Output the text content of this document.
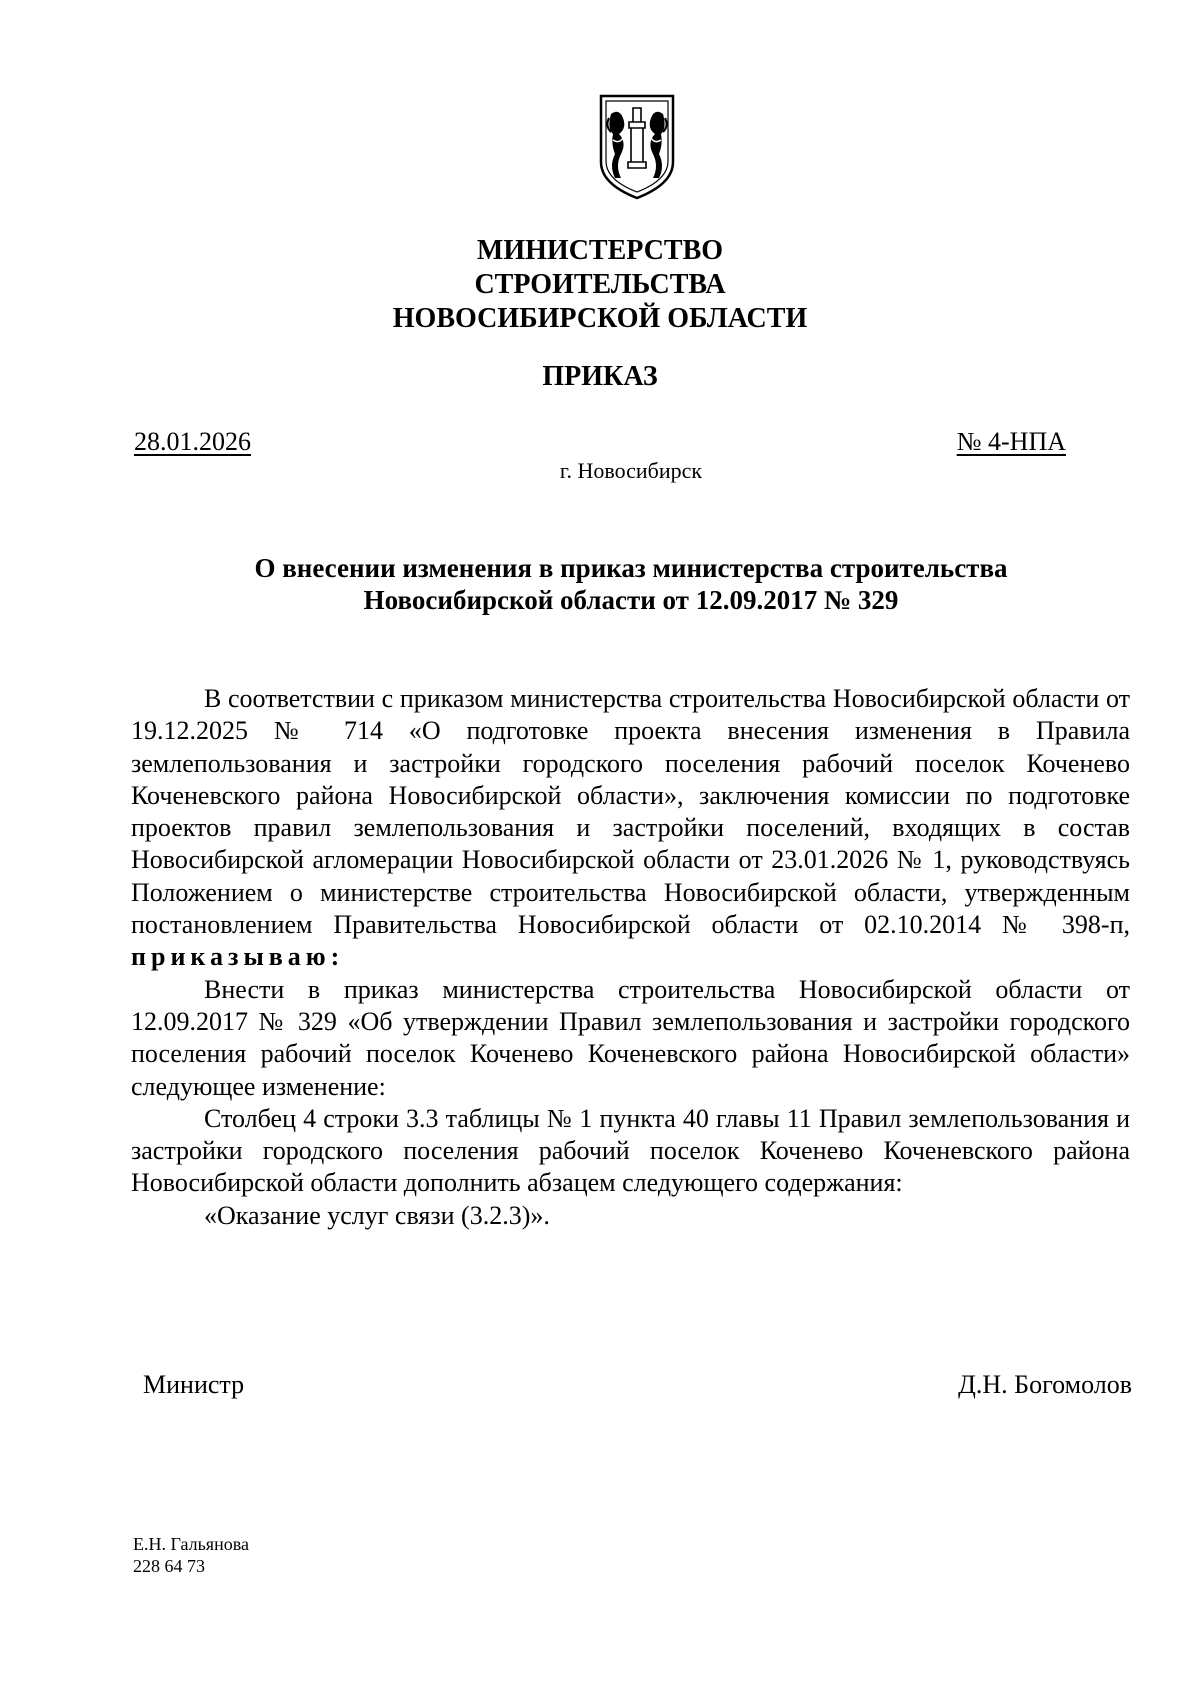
МИНИСТЕРСТВО
СТРОИТЕЛЬСТВА
НОВОСИБИРСКОЙ ОБЛАСТИ
ПРИКАЗ
28.01.2026	№ 4-НПА
г. Новосибирск
О внесении изменения в приказ министерства строительства
Новосибирской области от 12.09.2017 № 329

В соответствии с приказом министерства строительства Новосибирской области от 19.12.2025 № 714 «О подготовке проекта внесения изменения в Правила землепользования и застройки городского поселения рабочий поселок Коченево Коченевского района Новосибирской области», заключения комиссии по подготовке проектов правил землепользования и застройки поселений, входящих в состав Новосибирской агломерации Новосибирской области от 23.01.2026 № 1, руководствуясь Положением о министерстве строительства Новосибирской области, утвержденным постановлением Правительства Новосибирской области от 02.10.2014 № 398-п, приказываю:

Внести в приказ министерства строительства Новосибирской области от 12.09.2017 № 329 «Об утверждении Правил землепользования и застройки городского поселения рабочий поселок Коченево Коченевского района Новосибирской области» следующее изменение:

Столбец 4 строки 3.3 таблицы № 1 пункта 40 главы 11 Правил землепользования и застройки городского поселения рабочий поселок Коченево Коченевского района Новосибирской области дополнить абзацем следующего содержания:

«Оказание услуг связи (3.2.3)».

Министр	Д.Н. Богомолов
Е.Н. Гальянова
228 64 73
